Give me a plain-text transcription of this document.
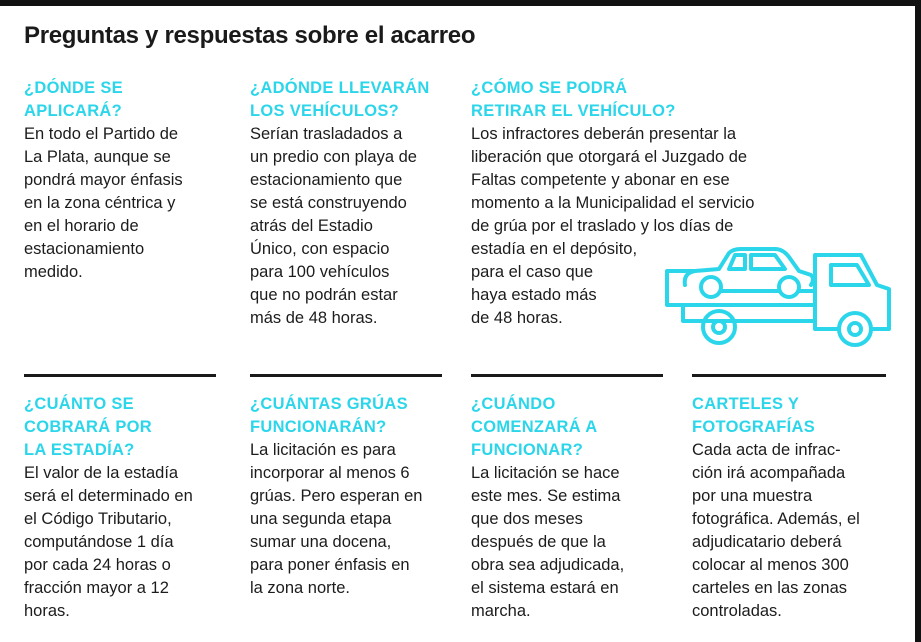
Preguntas y respuestas sobre el acarreo
¿DÓNDE SE
APLICARÁ?
En todo el Partido de
La Plata, aunque se
pondrá mayor énfasis
en la zona céntrica y
en el horario de
estacionamiento
medido.
¿ADÓNDE LLEVARÁN
LOS VEHÍCULOS?
Serían trasladados a
un predio con playa de
estacionamiento que
se está construyendo
atrás del Estadio
Único, con espacio
para 100 vehículos
que no podrán estar
más de 48 horas.
¿CÓMO SE PODRÁ
RETIRAR EL VEHÍCULO?
Los infractores deberán presentar la
liberación que otorgará el Juzgado de
Faltas competente y abonar en ese
momento a la Municipalidad el servicio
de grúa por el traslado y los días de
estadía en el depósito,
para el caso que
haya estado más
de 48 horas.
¿CUÁNTO SE
COBRARÁ POR
LA ESTADÍA?
El valor de la estadía
será el determinado en
el Código Tributario,
computándose 1 día
por cada 24 horas o
fracción mayor a 12
horas.
¿CUÁNTAS GRÚAS
FUNCIONARÁN?
La licitación es para
incorporar al menos 6
grúas. Pero esperan en
una segunda etapa
sumar una docena,
para poner énfasis en
la zona norte.
¿CUÁNDO
COMENZARÁ A
FUNCIONAR?
La licitación se hace
este mes. Se estima
que dos meses
después de que la
obra sea adjudicada,
el sistema estará en
marcha.
CARTELES Y
FOTOGRAFÍAS
Cada acta de infrac-
ción irá acompañada
por una muestra
fotográfica. Además, el
adjudicatario deberá
colocar al menos 300
carteles en las zonas
controladas.
